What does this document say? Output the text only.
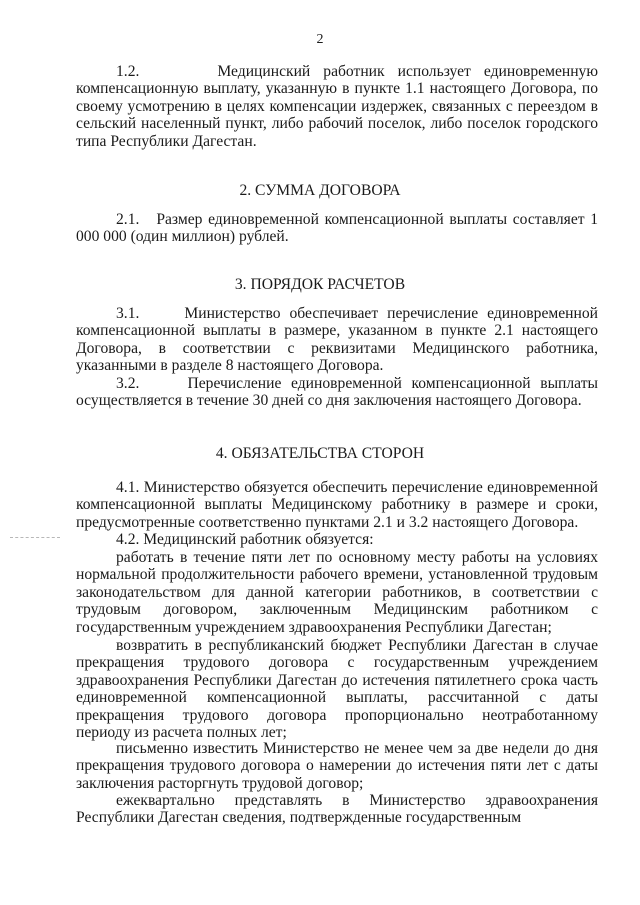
2
1.2.      Медицинский работник использует единовременную компенсационную выплату, указанную в пункте 1.1 настоящего Договора, по своему усмотрению в целях компенсации издержек, связанных с переездом в сельский населенный пункт, либо рабочий поселок, либо поселок городского типа Республики Дагестан.
2. СУММА ДОГОВОРА
2.1.   Размер единовременной компенсационной выплаты составляет 1 000 000 (один миллион) рублей.
3. ПОРЯДОК РАСЧЕТОВ
3.1.     Министерство обеспечивает перечисление единовременной компенсационной выплаты в размере, указанном в пункте 2.1 настоящего Договора, в соответствии с реквизитами Медицинского работника, указанными в разделе 8 настоящего Договора.
3.2.     Перечисление единовременной компенсационной выплаты осуществляется в течение 30 дней со дня заключения настоящего Договора.
4. ОБЯЗАТЕЛЬСТВА СТОРОН
4.1. Министерство обязуется обеспечить перечисление единовременной компенсационной выплаты Медицинскому работнику в размере и сроки, предусмотренные соответственно пунктами 2.1 и 3.2 настоящего Договора.
4.2. Медицинский работник обязуется:
работать в течение пяти лет по основному месту работы на условиях нормальной продолжительности рабочего времени, установленной трудовым законодательством для данной категории работников, в соответствии с трудовым договором, заключенным Медицинским работником с государственным учреждением здравоохранения Республики Дагестан;
возвратить в республиканский бюджет Республики Дагестан в случае прекращения трудового договора с государственным учреждением здравоохранения Республики Дагестан до истечения пятилетнего срока часть единовременной компенсационной выплаты, рассчитанной с даты прекращения трудового договора пропорционально неотработанному периоду из расчета полных лет;
письменно известить Министерство не менее чем за две недели до дня прекращения трудового договора о намерении до истечения пяти лет с даты заключения расторгнуть трудовой договор;
ежеквартально представлять в Министерство здравоохранения Республики Дагестан сведения, подтвержденные государственным
